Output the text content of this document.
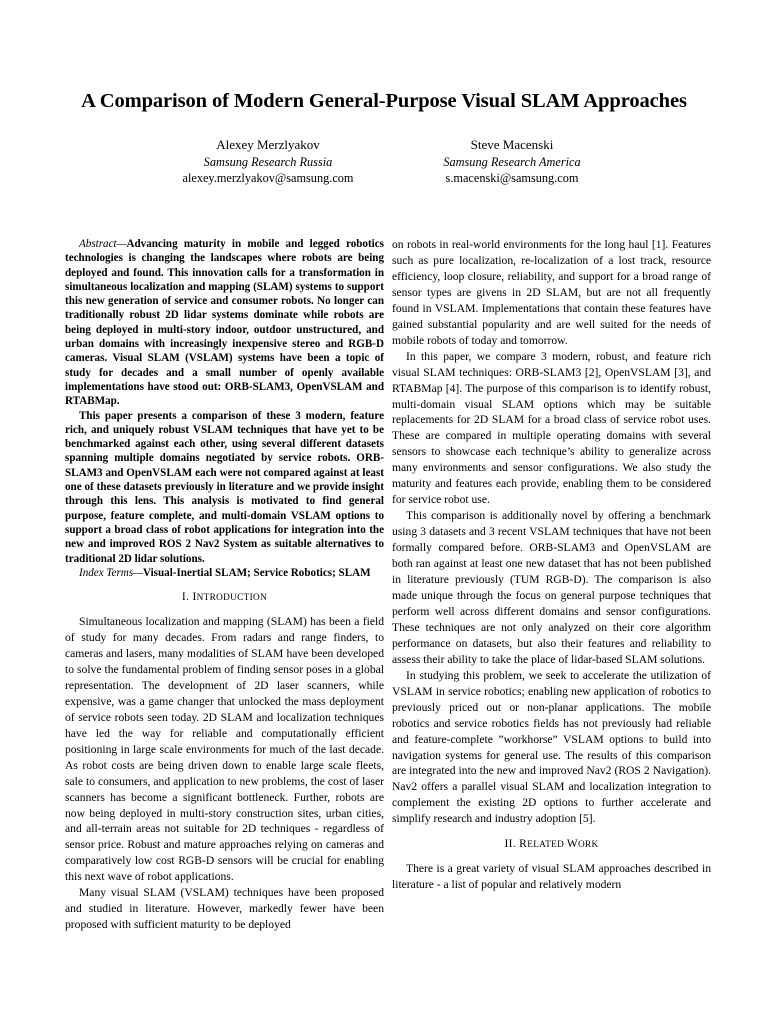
A Comparison of Modern General-Purpose Visual SLAM Approaches
Alexey Merzlyakov
Samsung Research Russia
alexey.merzlyakov@samsung.com
Steve Macenski
Samsung Research America
s.macenski@samsung.com

Abstract—Advancing maturity in mobile and legged robotics technologies is changing the landscapes where robots are being deployed and found. This innovation calls for a transformation in simultaneous localization and mapping (SLAM) systems to support this new generation of service and consumer robots. No longer can traditionally robust 2D lidar systems dominate while robots are being deployed in multi-story indoor, outdoor unstructured, and urban domains with increasingly inexpensive stereo and RGB-D cameras. Visual SLAM (VSLAM) systems have been a topic of study for decades and a small number of openly available implementations have stood out: ORB-SLAM3, OpenVSLAM and RTABMap.

This paper presents a comparison of these 3 modern, feature rich, and uniquely robust VSLAM techniques that have yet to be benchmarked against each other, using several different datasets spanning multiple domains negotiated by service robots. ORB-SLAM3 and OpenVSLAM each were not compared against at least one of these datasets previously in literature and we provide insight through this lens. This analysis is motivated to find general purpose, feature complete, and multi-domain VSLAM options to support a broad class of robot applications for integration into the new and improved ROS 2 Nav2 System as suitable alternatives to traditional 2D lidar solutions.

Index Terms—Visual-Inertial SLAM; Service Robotics; SLAM

I. INTRODUCTION

Simultaneous localization and mapping (SLAM) has been a field of study for many decades. From radars and range finders, to cameras and lasers, many modalities of SLAM have been developed to solve the fundamental problem of finding sensor poses in a global representation. The development of 2D laser scanners, while expensive, was a game changer that unlocked the mass deployment of service robots seen today. 2D SLAM and localization techniques have led the way for reliable and computationally efficient positioning in large scale environments for much of the last decade. As robot costs are being driven down to enable large scale fleets, sale to consumers, and application to new problems, the cost of laser scanners has become a significant bottleneck. Further, robots are now being deployed in multi-story construction sites, urban cities, and all-terrain areas not suitable for 2D techniques - regardless of sensor price. Robust and mature approaches relying on cameras and comparatively low cost RGB-D sensors will be crucial for enabling this next wave of robot applications.

Many visual SLAM (VSLAM) techniques have been proposed and studied in literature. However, markedly fewer have been proposed with sufficient maturity to be deployed

on robots in real-world environments for the long haul [1]. Features such as pure localization, re-localization of a lost track, resource efficiency, loop closure, reliability, and support for a broad range of sensor types are givens in 2D SLAM, but are not all frequently found in VSLAM. Implementations that contain these features have gained substantial popularity and are well suited for the needs of mobile robots of today and tomorrow.

In this paper, we compare 3 modern, robust, and feature rich visual SLAM techniques: ORB-SLAM3 [2], OpenVSLAM [3], and RTABMap [4]. The purpose of this comparison is to identify robust, multi-domain visual SLAM options which may be suitable replacements for 2D SLAM for a broad class of service robot uses. These are compared in multiple operating domains with several sensors to showcase each technique’s ability to generalize across many environments and sensor configurations. We also study the maturity and features each provide, enabling them to be considered for service robot use.

This comparison is additionally novel by offering a benchmark using 3 datasets and 3 recent VSLAM techniques that have not been formally compared before. ORB-SLAM3 and OpenVSLAM are both ran against at least one new dataset that has not been published in literature previously (TUM RGB-D). The comparison is also made unique through the focus on general purpose techniques that perform well across different domains and sensor configurations. These techniques are not only analyzed on their core algorithm performance on datasets, but also their features and reliability to assess their ability to take the place of lidar-based SLAM solutions.

In studying this problem, we seek to accelerate the utilization of VSLAM in service robotics; enabling new application of robotics to previously priced out or non-planar applications. The mobile robotics and service robotics fields has not previously had reliable and feature-complete ”workhorse” VSLAM options to build into navigation systems for general use. The results of this comparison are integrated into the new and improved Nav2 (ROS 2 Navigation). Nav2 offers a parallel visual SLAM and localization integration to complement the existing 2D options to further accelerate and simplify research and industry adoption [5].

II. RELATED WORK

There is a great variety of visual SLAM approaches described in literature - a list of popular and relatively modern
